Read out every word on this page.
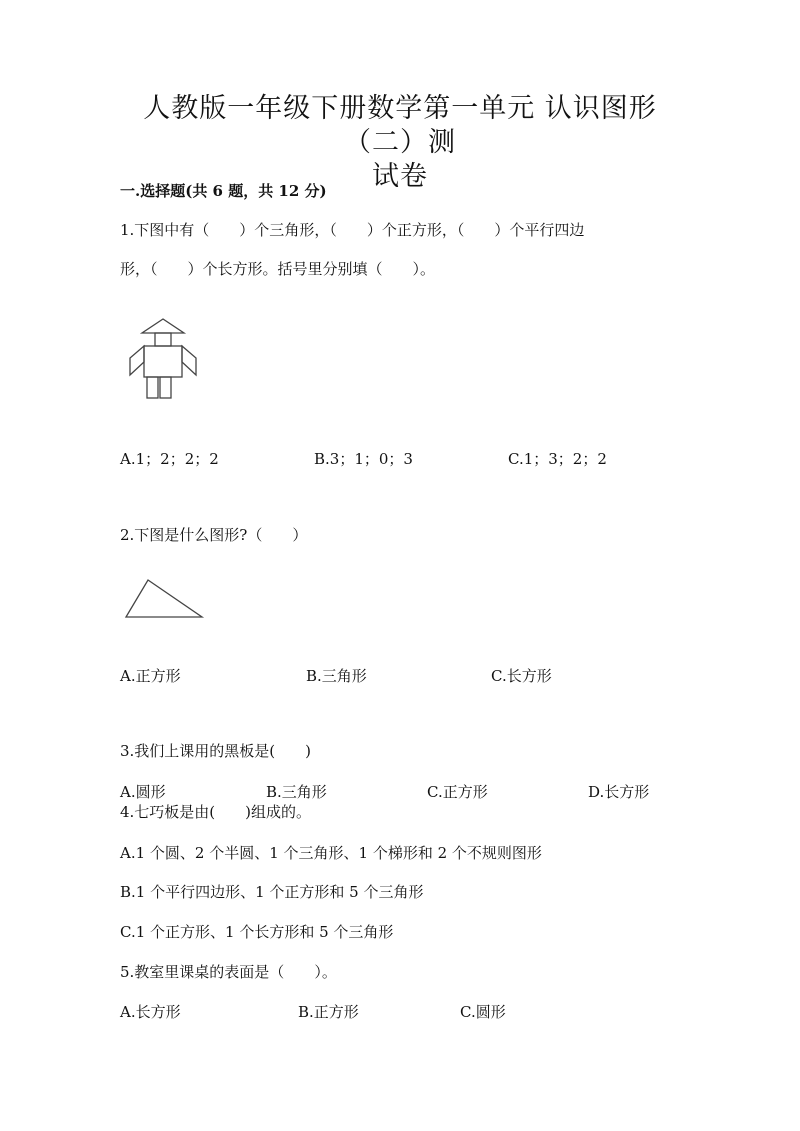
人教版一年级下册数学第一单元 认识图形（二）测
试卷
一.选择题(共 6 题，共 12 分)
1.下图中有（　　）个三角形，（　　）个正方形，（　　）个平行四边
形，（　　）个长方形。括号里分别填（　　）。
A.1；2；2；2	B.3；1；0；3	C.1；3；2；2
2.下图是什么图形?（　　）
A.正方形	B.三角形	C.长方形
3.我们上课用的黑板是(　　)
A.圆形	B.三角形	C.正方形	D.长方形
4.七巧板是由(　　)组成的。
A.1 个圆、2 个半圆、1 个三角形、1 个梯形和 2 个不规则图形
B.1 个平行四边形、1 个正方形和 5 个三角形
C.1 个正方形、1 个长方形和 5 个三角形
5.教室里课桌的表面是（　　）。
A.长方形	B.正方形	C.圆形
